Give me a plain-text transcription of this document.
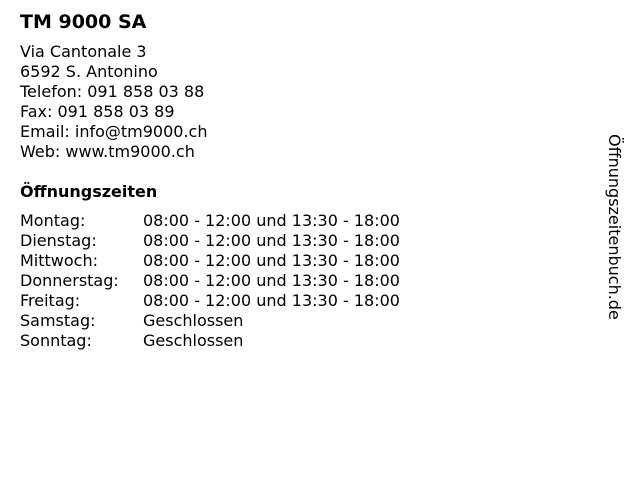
TM 9000 SA
Via Cantonale 3
6592 S. Antonino
Telefon: 091 858 03 88
Fax: 091 858 03 89
Email: info@tm9000.ch
Web: www.tm9000.ch
Öffnungszeiten
Montag:	08:00 - 12:00 und 13:30 - 18:00
Dienstag:	08:00 - 12:00 und 13:30 - 18:00
Mittwoch:	08:00 - 12:00 und 13:30 - 18:00
Donnerstag:	08:00 - 12:00 und 13:30 - 18:00
Freitag:	08:00 - 12:00 und 13:30 - 18:00
Samstag:	Geschlossen
Sonntag:	Geschlossen
Öffnungszeitenbuch.de
